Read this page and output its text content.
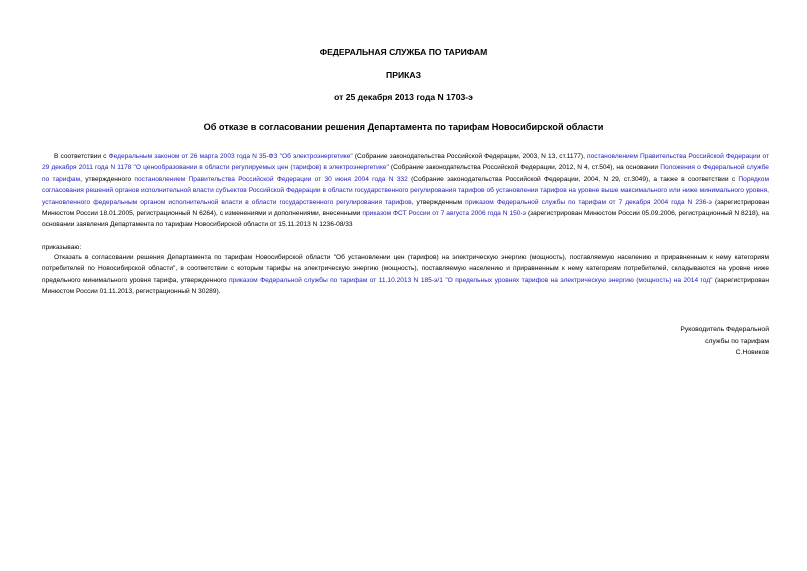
ФЕДЕРАЛЬНАЯ СЛУЖБА ПО ТАРИФАМ
ПРИКАЗ
от 25 декабря 2013 года N 1703-э
Об отказе в согласовании решения Департамента по тарифам Новосибирской области
В соответствии с Федеральным законом от 26 марта 2003 года N 35-ФЗ "Об электроэнергетике" (Собрание законодательства Российской Федерации, 2003, N 13, ст.1177), постановлением Правительства Российской Федерации от 29 декабря 2011 года N 1178 "О ценообразовании в области регулируемых цен (тарифов) в электроэнергетике" (Собрание законодательства Российской Федерации, 2012, N 4, ст.504), на основании Положения о Федеральной службе по тарифам, утвержденного постановлением Правительства Российской Федерации от 30 июня 2004 года N 332 (Собрание законодательства Российской Федерации, 2004, N 29, ст.3049), а также в соответствии с Порядком согласования решений органов исполнительной власти субъектов Российской Федерации в области государственного регулирования тарифов об установлении тарифов на уровне выше максимального или ниже минимального уровня, установленного федеральным органом исполнительной власти в области государственного регулирования тарифов, утвержденным приказом Федеральной службы по тарифам от 7 декабря 2004 года N 236-э (зарегистрирован Минюстом России 18.01.2005, регистрационный N 6264), с изменениями и дополнениями, внесенными приказом ФСТ России от 7 августа 2006 года N 150-э (зарегистрирован Минюстом России 05.09.2006, регистрационный N 8218), на основании заявления Департамента по тарифам Новосибирской области от 15.11.2013 N 1236-08/33
приказываю:
Отказать в согласовании решения Департамента по тарифам Новосибирской области "Об установлении цен (тарифов) на электрическую энергию (мощность), поставляемую населению и приравненным к нему категориям потребителей по Новосибирской области", в соответствии с которым тарифы на электрическую энергию (мощность), поставляемую населению и приравненным к нему категориям потребителей, складываются на уровне ниже предельного минимального уровня тарифа, утвержденного приказом Федеральной службы по тарифам от 11.10.2013 N 185-э/1 "О предельных уровнях тарифов на электрическую энергию (мощность) на 2014 год" (зарегистрирован Минюстом России 01.11.2013, регистрационный N 30289).
Руководитель Федеральной
службы по тарифам
С.Новиков
